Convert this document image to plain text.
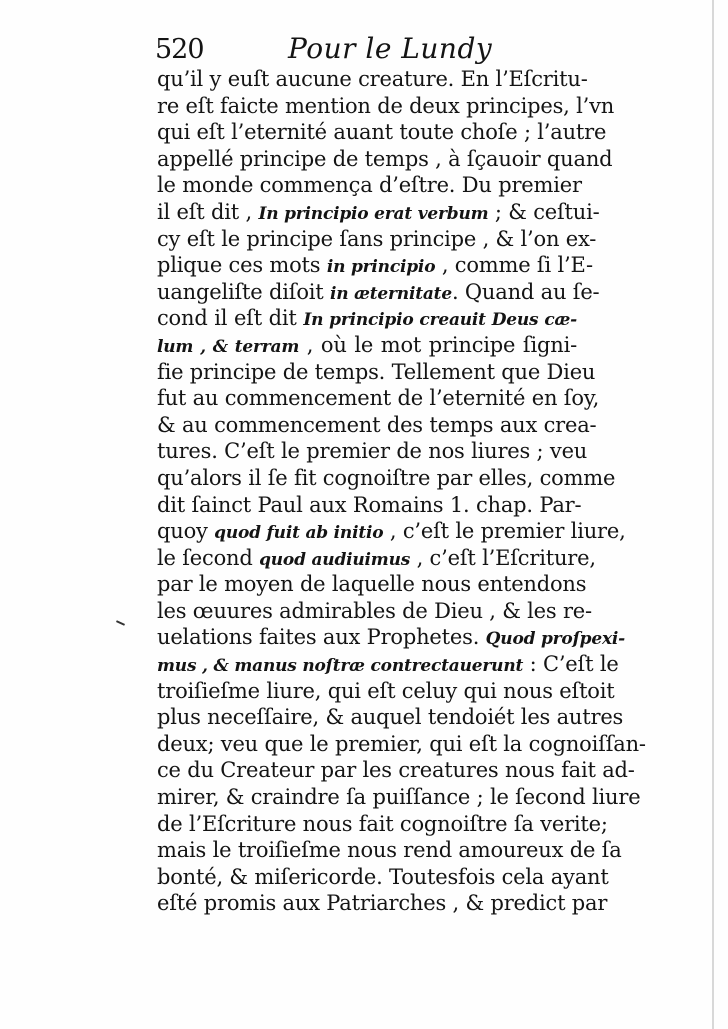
520	Pour le Lundy
qu’il y euſt aucune creature. En l’Eſcritu-
re eſt faicte mention de deux principes, l’vn
qui eſt l’eternité auant toute choſe ; l’autre
appellé principe de temps , à ſçauoir quand
le monde commença d’eſtre. Du premier
il eſt dit , In principio erat verbum ; & ceſtui-
cy eſt le principe ſans principe , & l’on ex-
plique ces mots in principio , comme ſi l’E-
uangeliſte diſoit in æternitate. Quand au ſe-
cond il eſt dit In principio creauit Deus cæ-
lum , & terram , où le mot principe ſigni-
fie principe de temps. Tellement que Dieu
fut au commencement de l’eternité en ſoy,
& au commencement des temps aux crea-
tures. C’eſt le premier de nos liures ; veu
qu’alors il ſe fit cognoiſtre par elles, comme
dit ſainct Paul aux Romains 1. chap. Par-
quoy quod fuit ab initio , c’eſt le premier liure,
le ſecond quod audiuimus , c’eſt l’Eſcriture,
par le moyen de laquelle nous entendons
les œuures admirables de Dieu , & les re-
uelations faites aux Prophetes. Quod proſpexi-
mus , & manus noſtræ contrectauerunt : C’eſt le
troiſieſme liure, qui eſt celuy qui nous eſtoit
plus neceſſaire, & auquel tendoiét les autres
deux; veu que le premier, qui eſt la cognoiſſan-
ce du Createur par les creatures nous fait ad-
mirer, & craindre ſa puiſſance ; le ſecond liure
de l’Eſcriture nous fait cognoiſtre ſa verite;
mais le troiſieſme nous rend amoureux de ſa
bonté, & miſericorde. Toutesfois cela ayant
eſté promis aux Patriarches , & predict par
